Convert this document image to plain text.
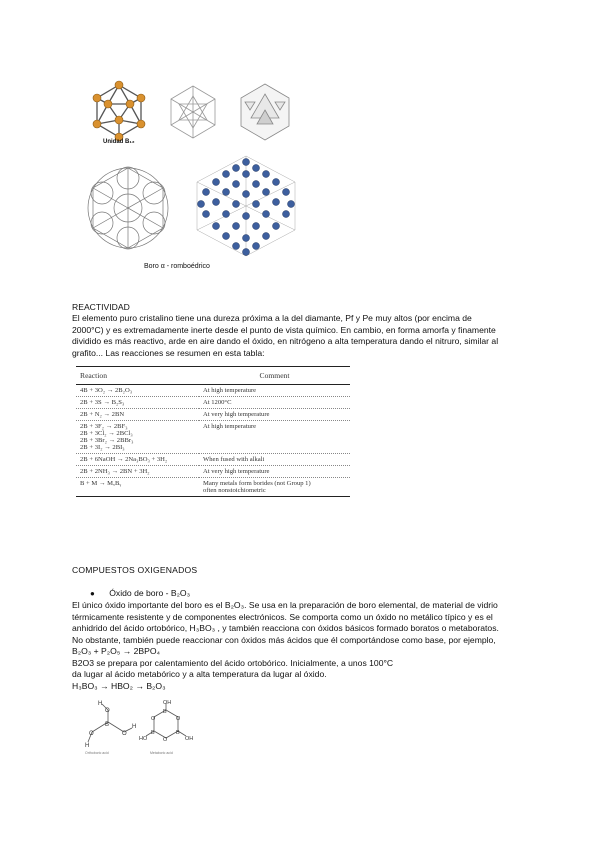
Unidad B₁₂
Boro α - romboédrico
REACTIVIDAD
El elemento puro cristalino tiene una dureza próxima a la del diamante, Pf y Pe muy altos (por encima de
2000°C) y es extremadamente inerte desde el punto de vista químico. En cambio, en forma amorfa y finamente
dividido es más reactivo, arde en aire dando el óxido, en nitrógeno a alta temperatura dando el nitruro, similar al
grafito... Las reacciones se resumen en esta tabla:
Reaction	Comment
4B + 3O₂ → 2B₂O₃	At high temperature
2B + 3S → B₂S₃	At 1200°C
2B + N₂ → 2BN	At very high temperature
2B + 3F₂ → 2BF₃
2B + 3Cl₂ → 2BCl₃
2B + 3Br₂ → 2BBr₃
2B + 3I₂ → 2BI₃	At high temperature
2B + 6NaOH → 2Na₃BO₃ + 3H₂	When fused with alkali
2B + 2NH₃ → 2BN + 3H₂	At very high temperature
B + M → MₓBᵧ	Many metals form borides (not Group 1)
often nonstoichiometric
COMPUESTOS OXIGENADOS
● Óxido de boro - B₂O₃
El único óxido importante del boro es el B₂O₃. Se usa en la preparación de boro elemental, de material de vidrio
térmicamente resistente y de componentes electrónicos. Se comporta como un óxido no metálico típico y es el
anhidrido del ácido ortobórico, H₃BO₃ , y también reacciona con óxidos básicos formado boratos o metaboratos.
No obstante, también puede reaccionar con óxidos más ácidos que él comportándose como base, por ejemplo,
B₂O₃ + P₂O₅ → 2BPO₄
B2O3 se prepara por calentamiento del ácido ortobórico. Inicialmente, a unos 100°C
da lugar al ácido metabórico y a alta temperatura da lugar al óxido.
H₃BO₃ → HBO₂ → B₂O₃
B
O
O	O
H
H
H
B
O
B
O
B
O
OH
HO	OH
Orthoboric acid	Metaboric acid
